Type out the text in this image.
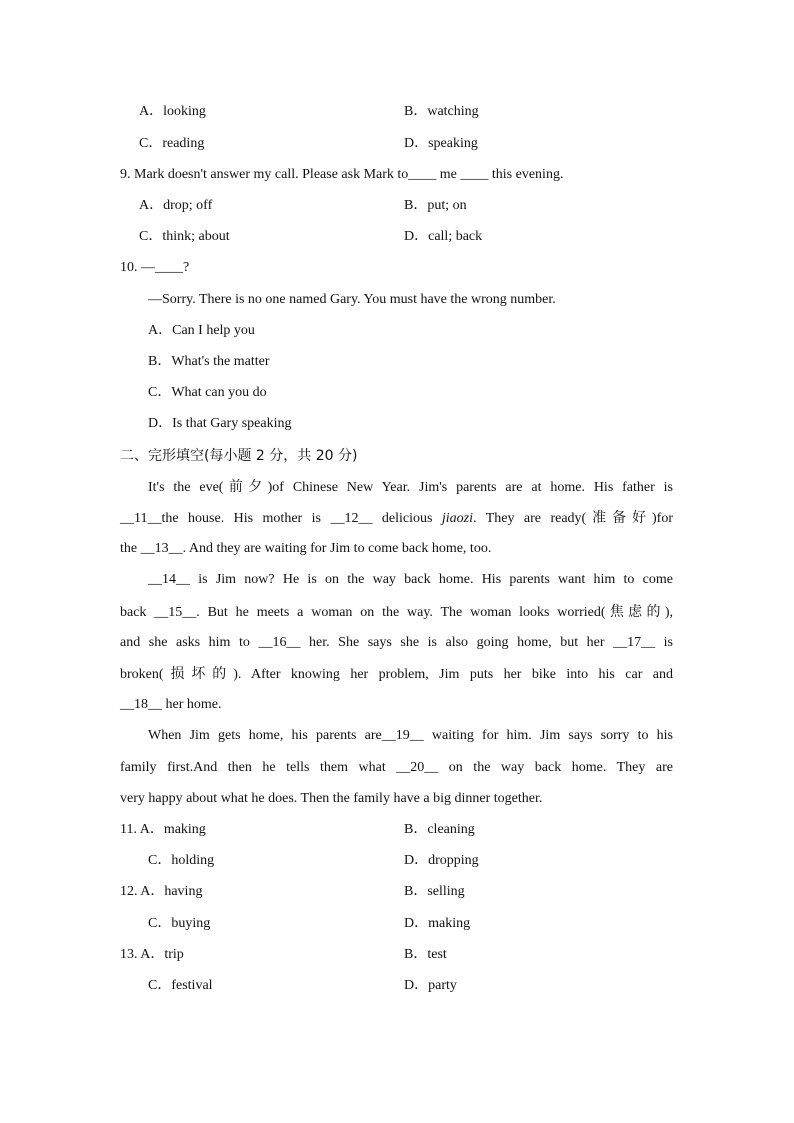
A．looking	B．watching
C．reading	D．speaking
9. Mark doesn't answer my call. Please ask Mark to____ me ____ this evening.
A．drop; off	B．put; on
C．think; about	D．call; back
10. —____?
—Sorry. There is no one named Gary. You must have the wrong number.
A．Can I help you
B．What's the matter
C．What can you do
D．Is that Gary speaking
二、完形填空(每小题 2 分，共 20 分)
It's the eve(前夕)of Chinese New Year. Jim's parents are at home. His father is
__11__the house. His mother is __12__ delicious jiaozi. They are ready(准备好)for
the __13__. And they are waiting for Jim to come back home, too.
__14__ is Jim now? He is on the way back home. His parents want him to come
back __15__. But he meets a woman on the way. The woman looks worried(焦虑的),
and she asks him to __16__ her. She says she is also going home, but her __17__ is
broken(损坏的). After knowing her problem, Jim puts her bike into his car and
__18__ her home.
When Jim gets home, his parents are__19__ waiting for him. Jim says sorry to his
family first.And then he tells them what __20__ on the way back home. They are
very happy about what he does. Then the family have a big dinner together.
11. A．making	B．cleaning
C．holding	D．dropping
12. A．having	B．selling
C．buying	D．making
13. A．trip	B．test
C．festival	D．party
